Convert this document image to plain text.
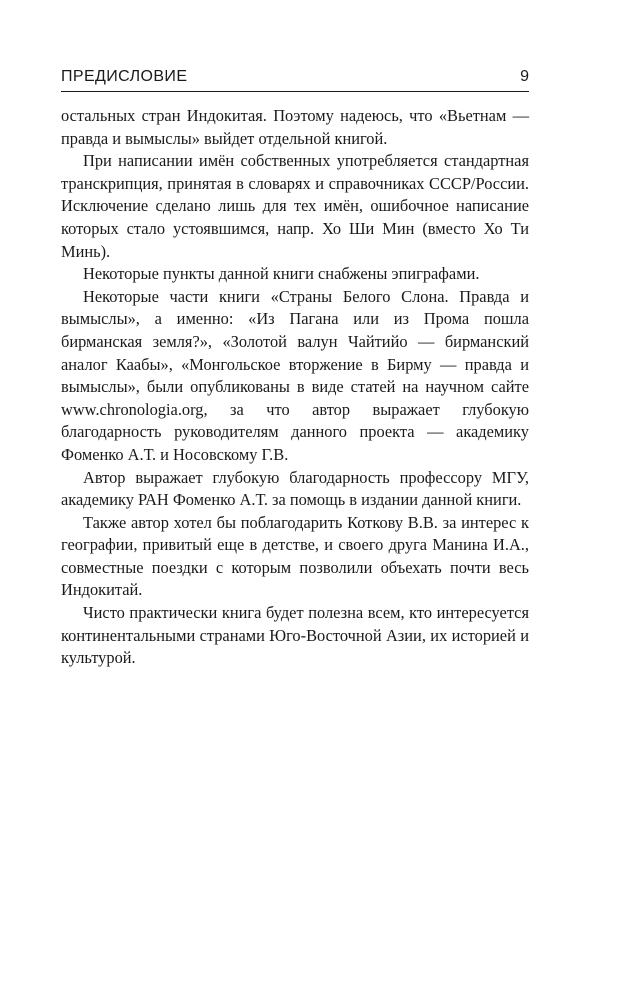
ПРЕДИСЛОВИЕ	9

остальных стран Индокитая. Поэтому надеюсь, что «Вьетнам — правда и вымыслы» выйдет отдельной книгой.

При написании имён собственных употребляется стандартная транскрипция, принятая в словарях и справочниках СССР/России. Исключение сделано лишь для тех имён, ошибочное написание которых стало устоявшимся, напр. Хо Ши Мин (вместо Хо Ти Минь).

Некоторые пункты данной книги снабжены эпиграфами.

Некоторые части книги «Страны Белого Слона. Правда и вымыслы», а именно: «Из Пагана или из Прома пошла бирманская земля?», «Золотой валун Чайтийо — бирманский аналог Каабы», «Монгольское вторжение в Бирму — правда и вымыслы», были опубликованы в виде статей на научном сайте www.chronologia.org, за что автор выражает глубокую благодарность руководителям данного проекта — академику Фоменко А.Т. и Носовскому Г.В.

Автор выражает глубокую благодарность профессору МГУ, академику РАН Фоменко А.Т. за помощь в издании данной книги.

Также автор хотел бы поблагодарить Коткову В.В. за интерес к географии, привитый еще в детстве, и своего друга Манина И.А., совместные поездки с которым позволили объехать почти весь Индокитай.

Чисто практически книга будет полезна всем, кто интересуется континентальными странами Юго-Восточной Азии, их историей и культурой.
